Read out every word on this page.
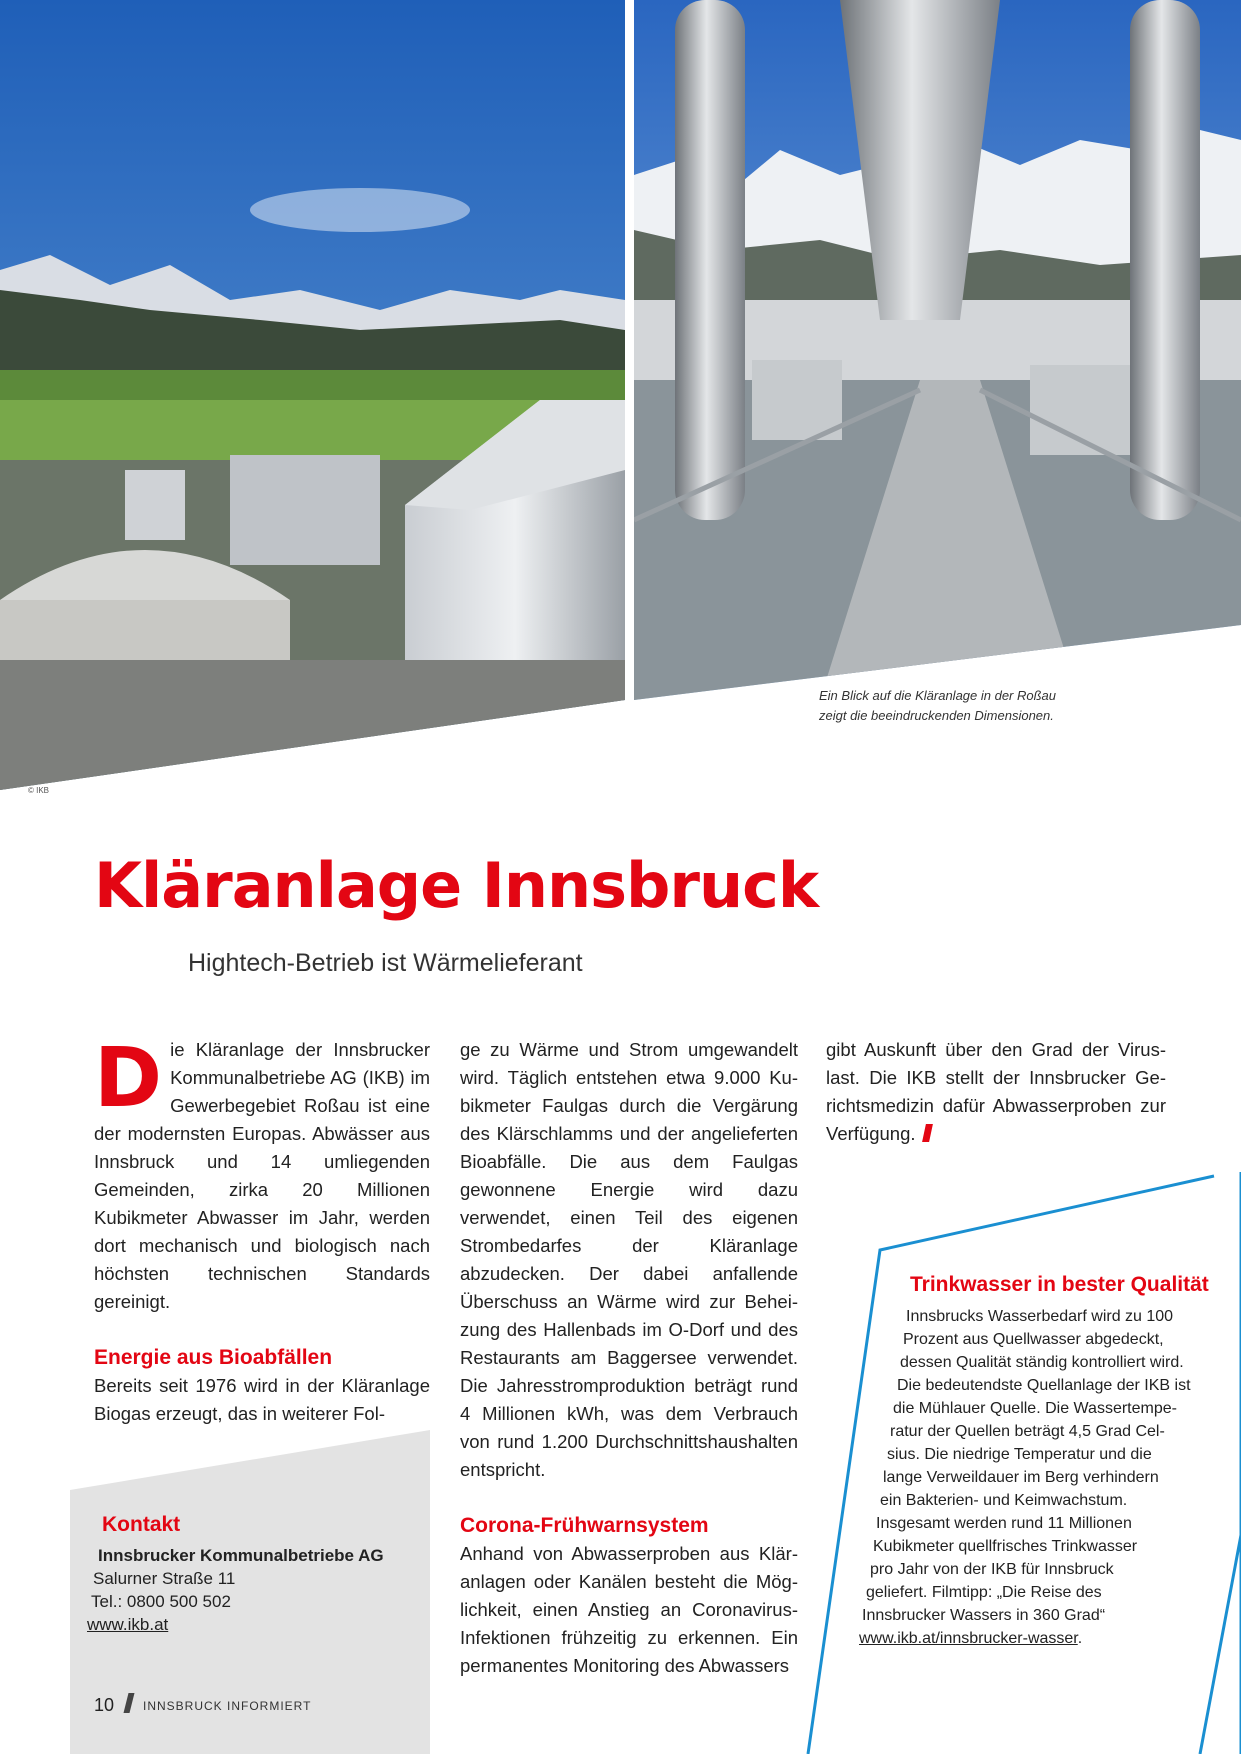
Ein Blick auf die Kläranlage in der Roßau
zeigt die beeindruckenden Dimensionen.
© IKB
Kläranlage Innsbruck
Hightech-Betrieb ist Wärmelieferant

D ie Kläranlage der Innsbrucker Kommunalbetriebe AG (IKB) im Gewerbegebiet Roßau ist eine der modernsten Europas. Abwässer aus Innsbruck und 14 umliegenden Gemeinden, zirka 20 Millionen Kubikmeter Abwasser im Jahr, werden dort mechanisch und biologisch nach höchsten technischen Standards gereinigt.

Energie aus Bioabfällen

Bereits seit 1976 wird in der Kläranlage Biogas erzeugt, das in weiterer Fol-

ge zu Wärme und Strom umgewandelt wird. Täglich entstehen etwa 9.000 Kubikmeter Faulgas durch die Vergärung des Klärschlamms und der angelieferten Bioabfälle. Die aus dem Faulgas gewonnene Energie wird dazu verwendet, einen Teil des eigenen Strombedarfes der Kläranlage abzudecken. Der dabei anfallende Überschuss an Wärme wird zur Beheizung des Hallenbads im O-Dorf und des Restaurants am Baggersee verwendet. Die Jahresstromproduktion beträgt rund 4 Millionen kWh, was dem Verbrauch von rund 1.200 Durchschnittshaushalten entspricht.

Corona-Frühwarnsystem

Anhand von Abwasserproben aus Kläranlagen oder Kanälen besteht die Möglichkeit, einen Anstieg an Coronavirus-Infektionen frühzeitig zu erkennen. Ein permanentes Monitoring des Abwassers

gibt Auskunft über den Grad der Viruslast. Die IKB stellt der Innsbrucker Gerichtsmedizin dafür Abwasserproben zur Verfügung.

Kontakt
Innsbrucker Kommunalbetriebe AG
Salurner Straße 11
Tel.: 0800 500 502
www.ikb.at
Trinkwasser in bester Qualität
Innsbrucks Wasserbedarf wird zu 100
Prozent aus Quellwasser abgedeckt,
dessen Qualität ständig kontrolliert wird.
Die bedeutendste Quellanlage der IKB ist
die Mühlauer Quelle. Die Wassertempe-
ratur der Quellen beträgt 4,5 Grad Cel-
sius. Die niedrige Temperatur und die
lange Verweildauer im Berg verhindern
ein Bakterien- und Keimwachstum.
Insgesamt werden rund 11 Millionen
Kubikmeter quellfrisches Trinkwasser
pro Jahr von der IKB für Innsbruck
geliefert. Filmtipp: „Die Reise des
Innsbrucker Wassers in 360 Grad“
www.ikb.at/innsbrucker-wasser.
10 INNSBRUCK INFORMIERT
